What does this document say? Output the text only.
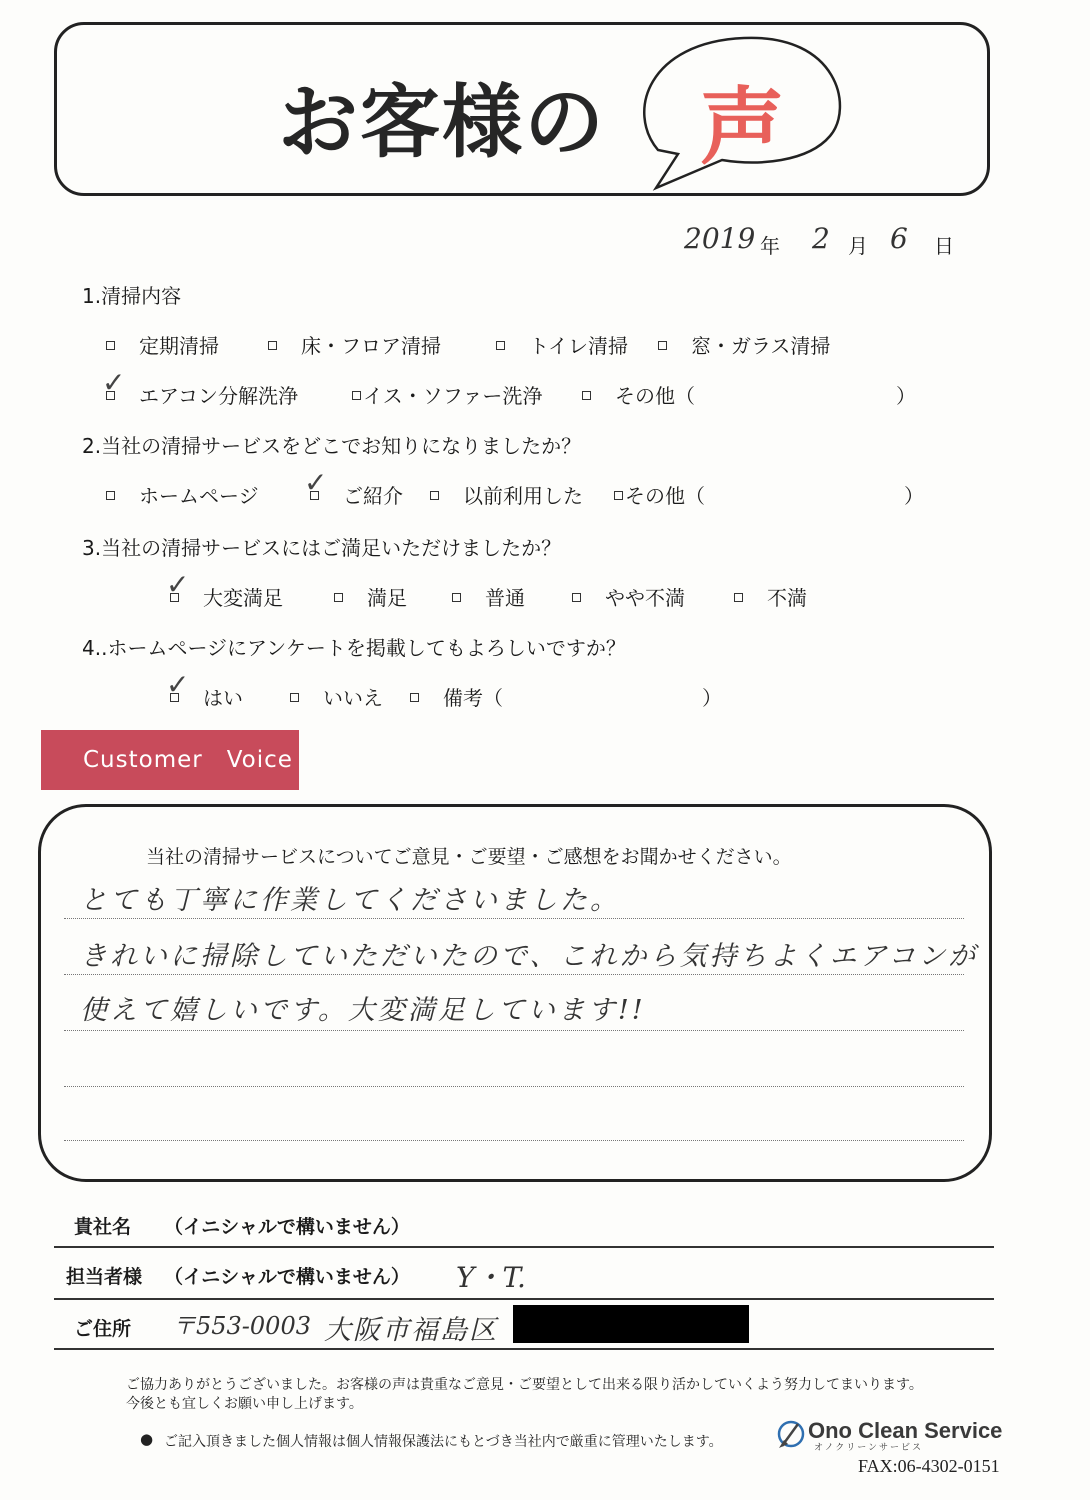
お客様の 声
2019 年 2 月 6 日
1.清掃内容
定期清掃	床・フロア清掃	トイレ清掃	窓・ガラス清掃
エアコン分解洗浄
✓	イス・ソファー洗浄	その他（	）
2.当社の清掃サービスをどこでお知りになりましたか？
ホームページ	ご紹介
✓	以前利用した	その他（	）
3.当社の清掃サービスにはご満足いただけましたか？
大変満足
✓	満足	普通	やや不満	不満
4..ホームページにアンケートを掲載してもよろしいですか？
はい
✓	いいえ	備考（	）
Customer　Voice
当社の清掃サービスについてご意見・ご要望・ご感想をお聞かせください。
とても丁寧に作業してくださいました。
きれいに掃除していただいたので、これから気持ちよくエアコンが
使えて嬉しいです。大変満足しています!!
貴社名 （イニシャルで構いません）
担当者様 （イニシャルで構いません） Y・T.
ご住所 〒553-0003 大阪市福島区
ご協力ありがとうございました。お客様の声は貴重なご意見・ご要望として出来る限り活かしていくよう努力してまいります。
今後とも宜しくお願い申し上げます。
● ご記入頂きました個人情報は個人情報保護法にもとづき当社内で厳重に管理いたします。	Ono Clean Service
オノクリーンサービス
FAX:06-4302-0151
